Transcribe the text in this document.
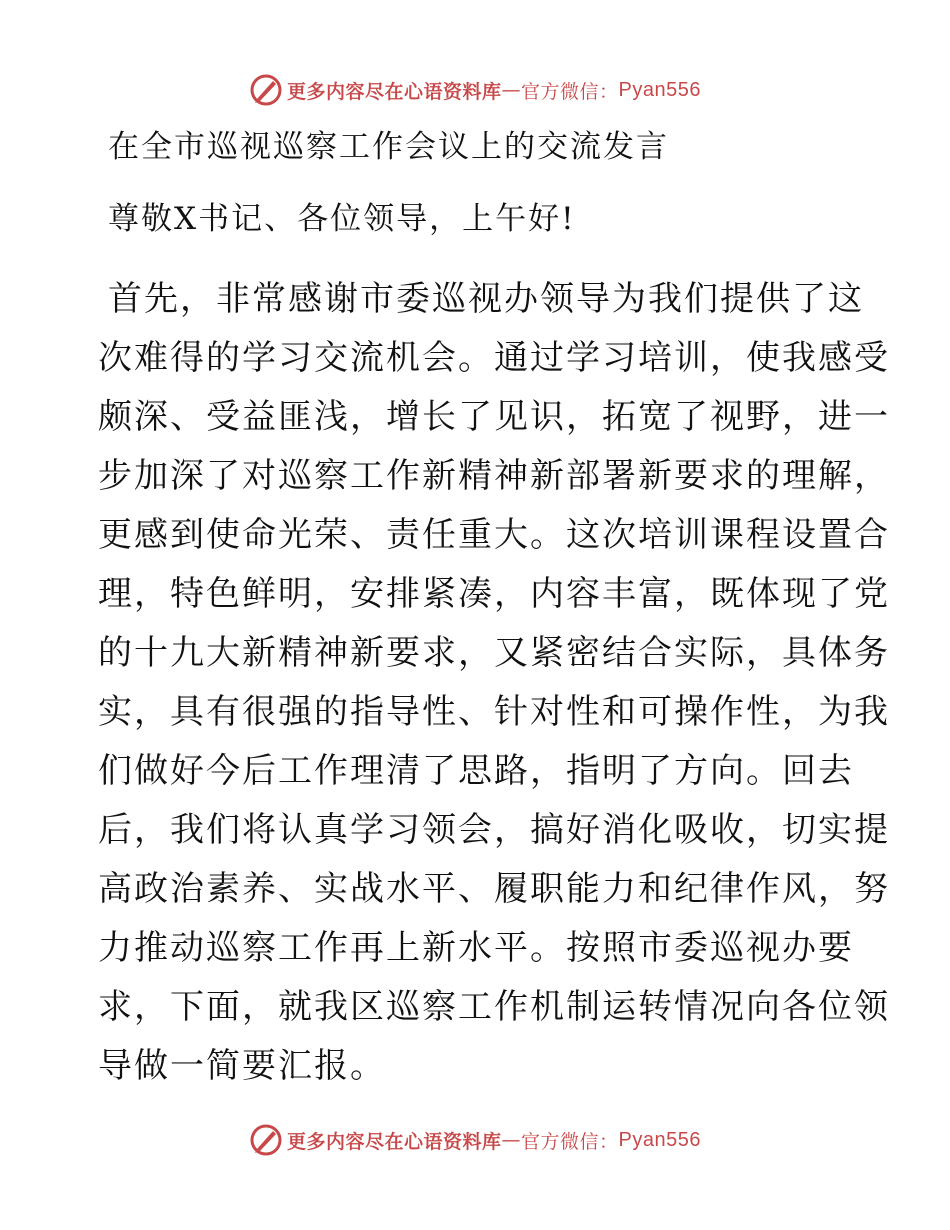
更多内容尽在心语资料库 — 官方微信： Pyan556
在全市巡视巡察工作会议上的交流发言
尊敬X书记、各位领导，上午好!
首先，非常感谢市委巡视办领导为我们提供了这
次难得的学习交流机会。通过学习培训，使我感受
颇深、受益匪浅，增长了见识，拓宽了视野，进一
步加深了对巡察工作新精神新部署新要求的理解，
更感到使命光荣、责任重大。这次培训课程设置合
理，特色鲜明，安排紧凑，内容丰富，既体现了党
的十九大新精神新要求，又紧密结合实际，具体务
实，具有很强的指导性、针对性和可操作性，为我
们做好今后工作理清了思路，指明了方向。回去
后，我们将认真学习领会，搞好消化吸收，切实提
高政治素养、实战水平、履职能力和纪律作风，努
力推动巡察工作再上新水平。按照市委巡视办要
求，下面，就我区巡察工作机制运转情况向各位领
导做一简要汇报。
更多内容尽在心语资料库 — 官方微信： Pyan556
